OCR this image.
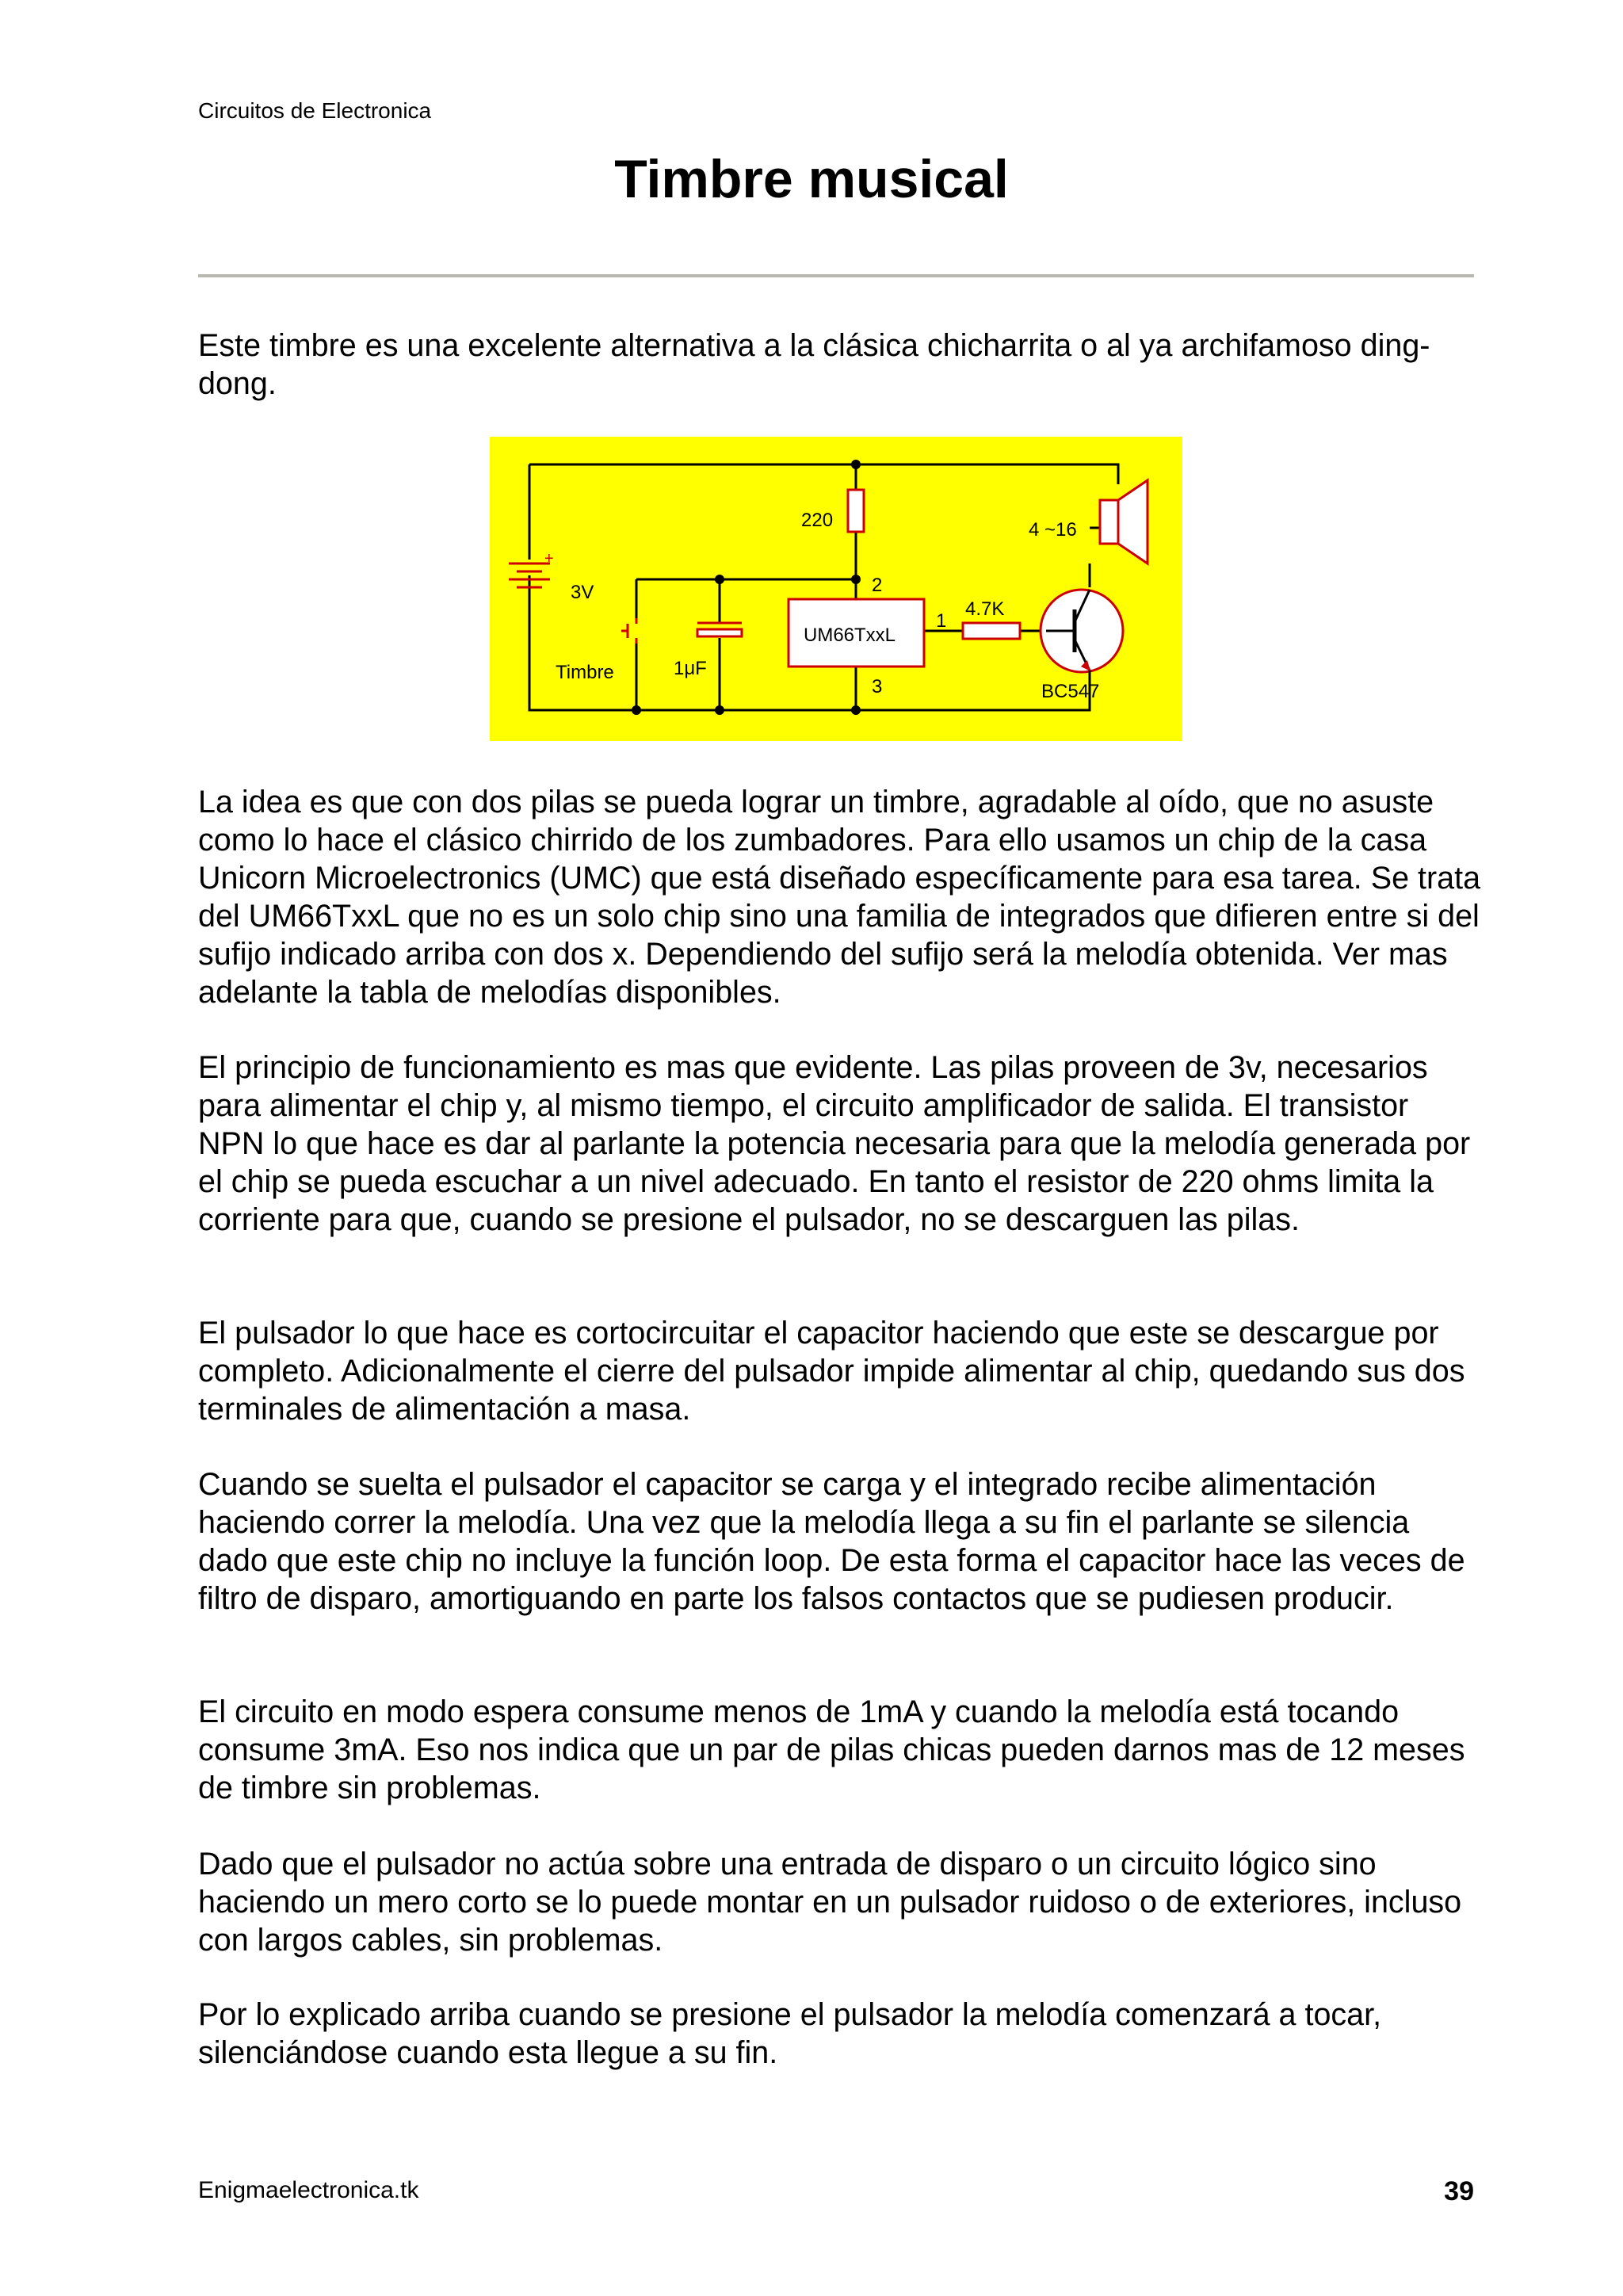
Circuitos de Electronica
Timbre musical

Este timbre es una excelente alternativa a la clásica chicharrita o al ya archifamoso ding-dong.

220	4 ~16
+
3V	2
1
4.7K
UM66TxxL
Timbre	1μF
3	BC547

La idea es que con dos pilas se pueda lograr un timbre, agradable al oído, que no asuste como lo hace el clásico chirrido de los zumbadores. Para ello usamos un chip de la casa Unicorn Microelectronics (UMC) que está diseñado específicamente para esa tarea. Se trata del UM66TxxL que no es un solo chip sino una familia de integrados que difieren entre si del sufijo indicado arriba con dos x. Dependiendo del sufijo será la melodía obtenida. Ver mas adelante la tabla de melodías disponibles.

El principio de funcionamiento es mas que evidente. Las pilas proveen de 3v, necesarios para alimentar el chip y, al mismo tiempo, el circuito amplificador de salida. El transistor NPN lo que hace es dar al parlante la potencia necesaria para que la melodía generada por el chip se pueda escuchar a un nivel adecuado. En tanto el resistor de 220 ohms limita la corriente para que, cuando se presione el pulsador, no se descarguen las pilas.

El pulsador lo que hace es cortocircuitar el capacitor haciendo que este se descargue por completo. Adicionalmente el cierre del pulsador impide alimentar al chip, quedando sus dos terminales de alimentación a masa.

Cuando se suelta el pulsador el capacitor se carga y el integrado recibe alimentación haciendo correr la melodía. Una vez que la melodía llega a su fin el parlante se silencia dado que este chip no incluye la función loop. De esta forma el capacitor hace las veces de filtro de disparo, amortiguando en parte los falsos contactos que se pudiesen producir.

El circuito en modo espera consume menos de 1mA y cuando la melodía está tocando consume 3mA. Eso nos indica que un par de pilas chicas pueden darnos mas de 12 meses de timbre sin problemas.

Dado que el pulsador no actúa sobre una entrada de disparo o un circuito lógico sino haciendo un mero corto se lo puede montar en un pulsador ruidoso o de exteriores, incluso con largos cables, sin problemas.

Por lo explicado arriba cuando se presione el pulsador la melodía comenzará a tocar, silenciándose cuando esta llegue a su fin.

Enigmaelectronica.tk	39
